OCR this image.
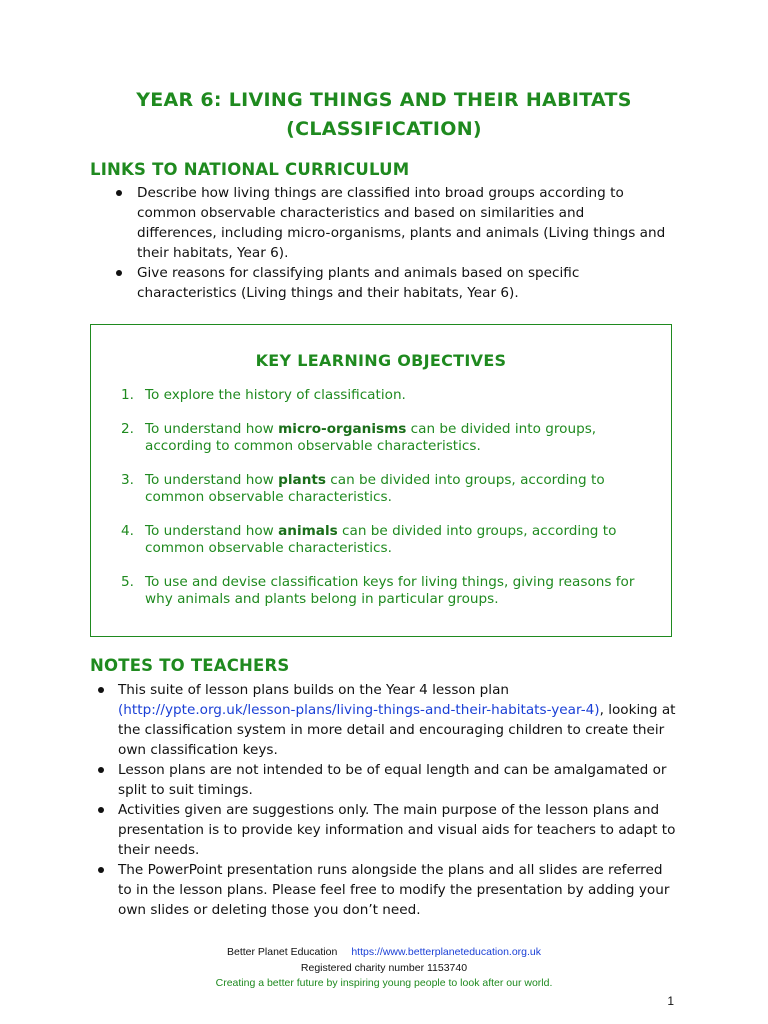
YEAR 6: LIVING THINGS AND THEIR HABITATS
(CLASSIFICATION)
LINKS TO NATIONAL CURRICULUM
Describe how living things are classified into broad groups according to common observable characteristics and based on similarities and differences, including micro-organisms, plants and animals (Living things and their habitats, Year 6).
Give reasons for classifying plants and animals based on specific characteristics (Living things and their habitats, Year 6).
KEY LEARNING OBJECTIVES
1. To explore the history of classification.
2. To understand how micro-organisms can be divided into groups, according to common observable characteristics.
3. To understand how plants can be divided into groups, according to common observable characteristics.
4. To understand how animals can be divided into groups, according to common observable characteristics.
5. To use and devise classification keys for living things, giving reasons for why animals and plants belong in particular groups.
NOTES TO TEACHERS
This suite of lesson plans builds on the Year 4 lesson plan (http://ypte.org.uk/lesson-plans/living-things-and-their-habitats-year-4), looking at the classification system in more detail and encouraging children to create their own classification keys.
Lesson plans are not intended to be of equal length and can be amalgamated or split to suit timings.
Activities given are suggestions only. The main purpose of the lesson plans and presentation is to provide key information and visual aids for teachers to adapt to their needs.
The PowerPoint presentation runs alongside the plans and all slides are referred to in the lesson plans. Please feel free to modify the presentation by adding your own slides or deleting those you don’t need.
Better Planet Education https://www.betterplaneteducation.org.uk
Registered charity number 1153740
Creating a better future by inspiring young people to look after our world.
1
